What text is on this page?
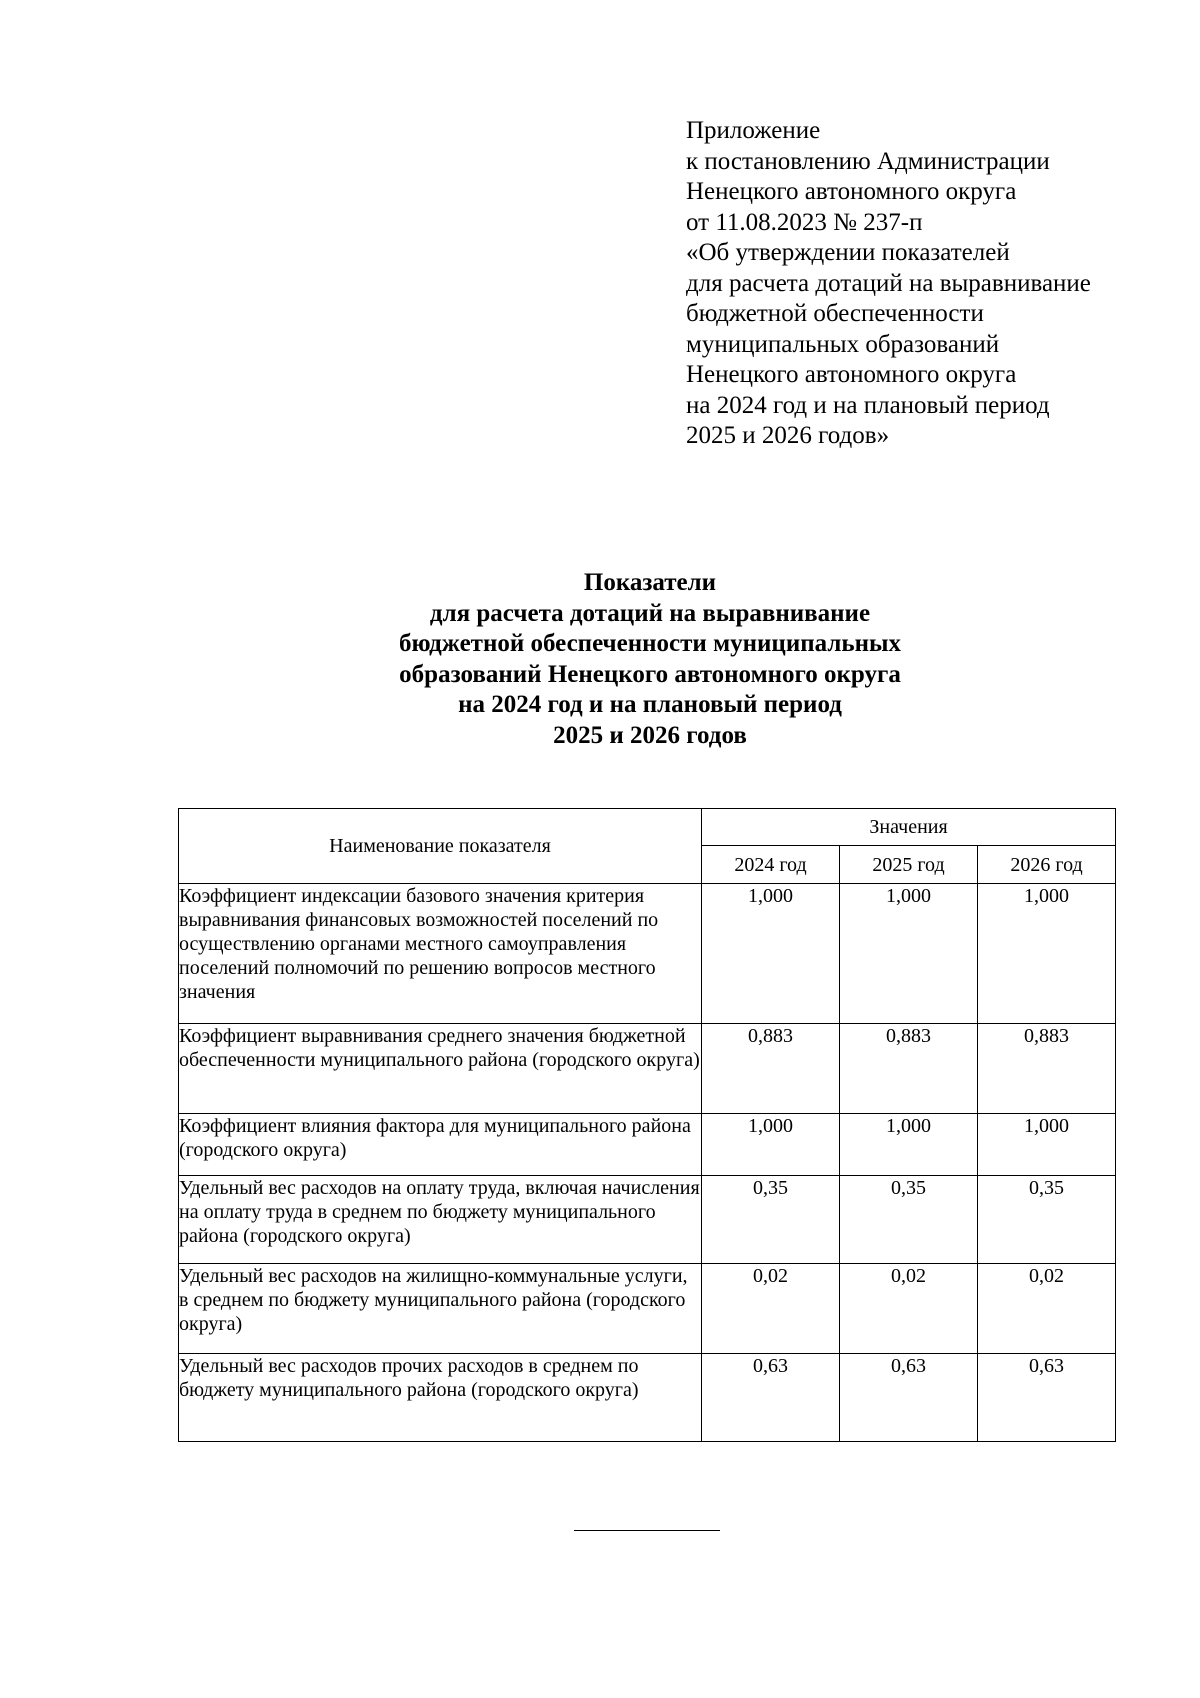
Приложение
к постановлению Администрации
Ненецкого автономного округа
от 11.08.2023 № 237-п
«Об утверждении показателей
для расчета дотаций на выравнивание
бюджетной обеспеченности
муниципальных образований
Ненецкого автономного округа
на 2024 год и на плановый период
2025 и 2026 годов»
Показатели
для расчета дотаций на выравнивание
бюджетной обеспеченности муниципальных
образований Ненецкого автономного округа
на 2024 год и на плановый период
2025 и 2026 годов
Наименование показателя	Значения		
	2024 год	2025 год	2026 год
Коэффициент индексации базового значения критерия выравнивания финансовых возможностей поселений по осуществлению органами местного самоуправления поселений полномочий по решению вопросов местного значения	1,000	1,000	1,000
Коэффициент выравнивания среднего значения бюджетной обеспеченности муниципального района (городского округа)	0,883	0,883	0,883
Коэффициент влияния фактора для муниципального района (городского округа)	1,000	1,000	1,000
Удельный вес расходов на оплату труда, включая начисления на оплату труда в среднем по бюджету муниципального района (городского округа)	0,35	0,35	0,35
Удельный вес расходов на жилищно-коммунальные услуги, в среднем по бюджету муниципального района (городского округа)	0,02	0,02	0,02
Удельный вес расходов прочих расходов в среднем по бюджету муниципального района (городского округа)	0,63	0,63	0,63
